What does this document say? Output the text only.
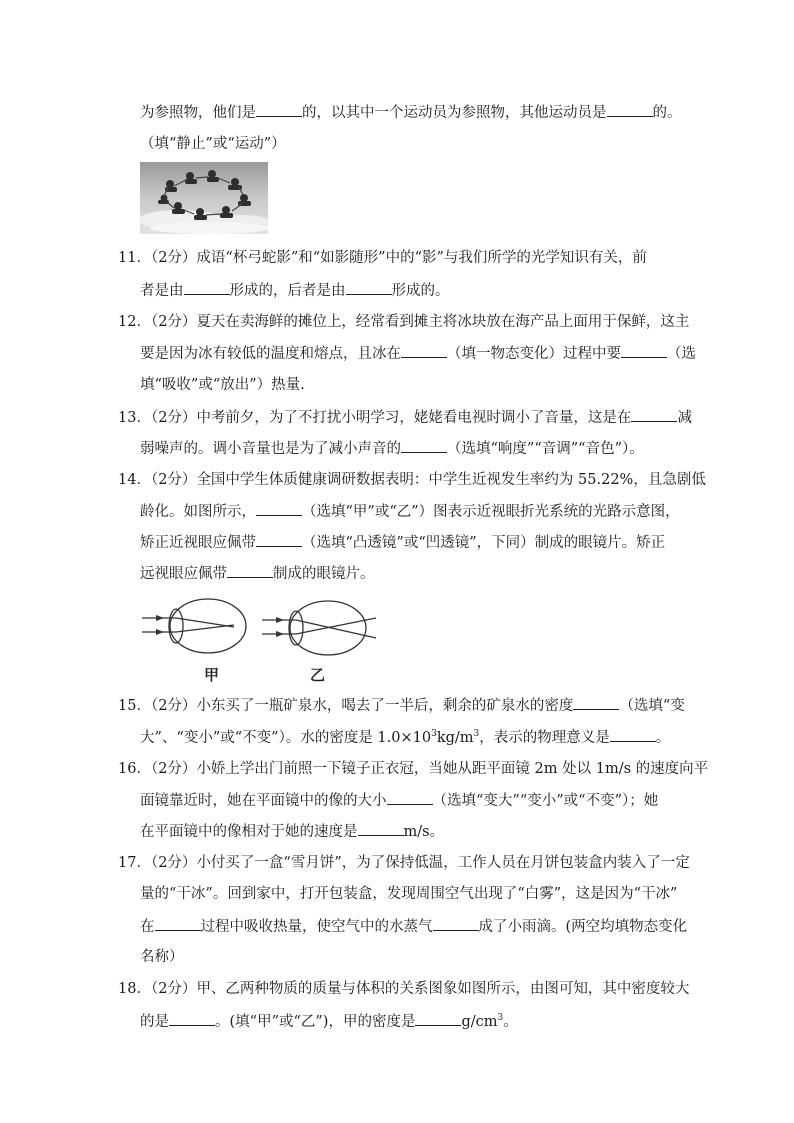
为参照物，他们是	的，以其中一个运动员为参照物，其他运动员是	的。
（填“静止”或“运动”）
11．（2分）成语“杯弓蛇影”和“如影随形”中的“影”与我们所学的光学知识有关，前
者是由	形成的，后者是由	形成的。
12．（2分）夏天在卖海鲜的摊位上，经常看到摊主将冰块放在海产品上面用于保鲜，这主
要是因为冰有较低的温度和熔点，且冰在	（填一物态变化）过程中要	（选
填“吸收”或“放出”）热量.
13．（2分）中考前夕，为了不打扰小明学习，姥姥看电视时调小了音量，这是在	减
弱噪声的。调小音量也是为了减小声音的	（选填“响度”“音调”“音色”）。
14．（2分）全国中学生体质健康调研数据表明：中学生近视发生率约为 55.22%，且急剧低
龄化。如图所示，	（选填“甲”或“乙”）图表示近视眼折光系统的光路示意图，
矫正近视眼应佩带	（选填“凸透镜”或“凹透镜”，下同）制成的眼镜片。矫正
远视眼应佩带	制成的眼镜片。
甲	乙
15．（2分）小东买了一瓶矿泉水，喝去了一半后，剩余的矿泉水的密度	（选填“变
大”、“变小”或“不变”）。水的密度是 $1.0\times 10^3kg/m^3$，表示的物理意义是	。
16．（2分）小娇上学出门前照一下镜子正衣冠，当她从距平面镜 2m 处以 1m/s 的速度向平
面镜靠近时，她在平面镜中的像的大小	（选填“变大”“变小”或“不变”）；她
在平面镜中的像相对于她的速度是	m/s。
17．（2分）小付买了一盒“雪月饼”，为了保持低温，工作人员在月饼包装盒内装入了一定
量的“干冰”。回到家中，打开包装盒，发现周围空气出现了“白雾”，这是因为“干冰”
在	过程中吸收热量，使空气中的水蒸气	成了小雨滴。(两空均填物态变化
名称）
18．（2分）甲、乙两种物质的质量与体积的关系图象如图所示，由图可知，其中密度较大
的是	。(填“甲”或“乙”)，甲的密度是	$g/cm^3$。
